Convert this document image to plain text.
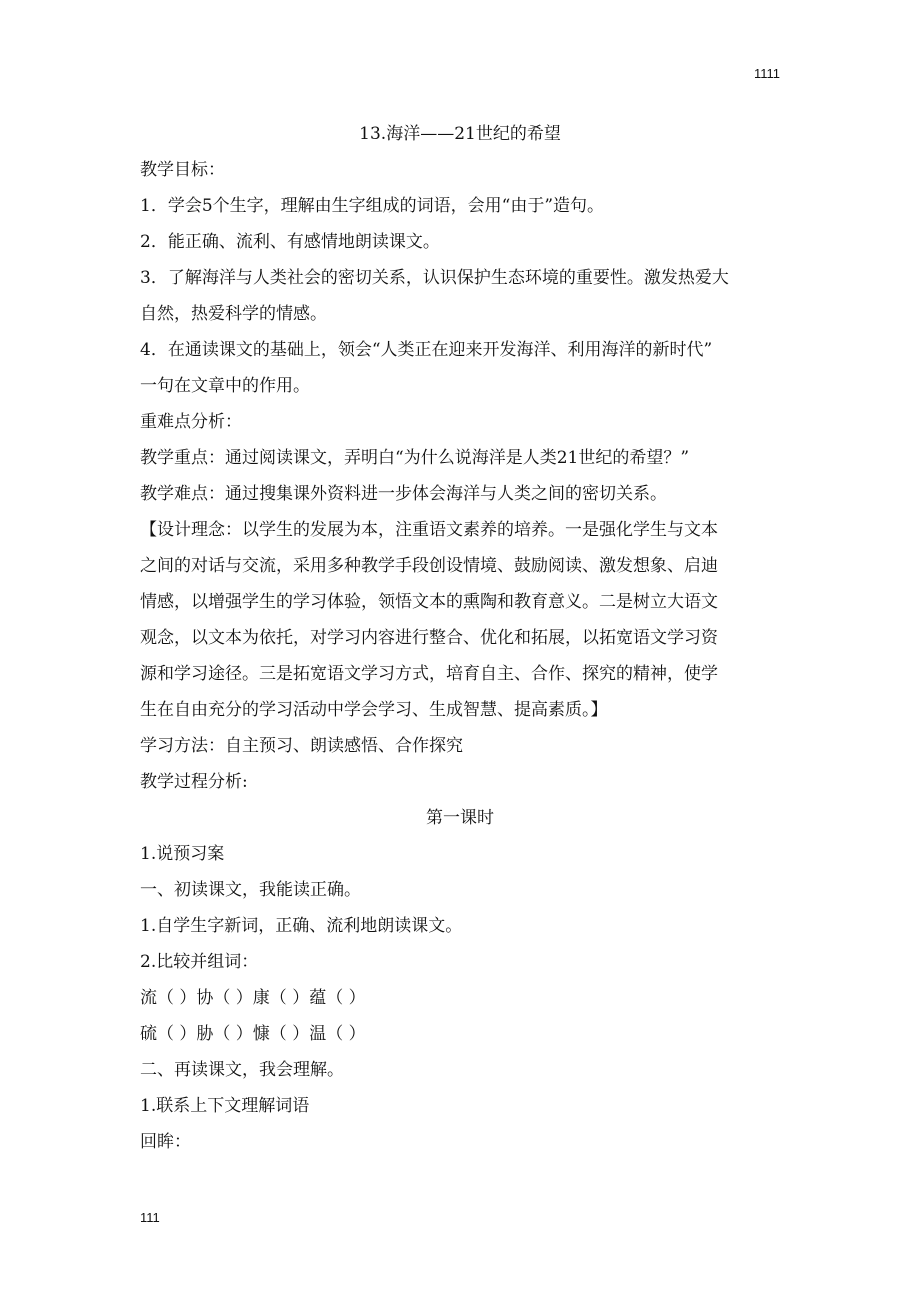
1111
13.海洋——21世纪的希望
教学目标：
1．学会5个生字，理解由生字组成的词语，会用“由于”造句。
2．能正确、流利、有感情地朗读课文。
3．了解海洋与人类社会的密切关系，认识保护生态环境的重要性。激发热爱大
自然，热爱科学的情感。
4．在通读课文的基础上，领会“人类正在迎来开发海洋、利用海洋的新时代”
一句在文章中的作用。
重难点分析：
教学重点：通过阅读课文，弄明白“为什么说海洋是人类21世纪的希望？”
教学难点：通过搜集课外资料进一步体会海洋与人类之间的密切关系。
【设计理念：以学生的发展为本，注重语文素养的培养。一是强化学生与文本
之间的对话与交流，采用多种教学手段创设情境、鼓励阅读、激发想象、启迪
情感，以增强学生的学习体验，领悟文本的熏陶和教育意义。二是树立大语文
观念，以文本为依托，对学习内容进行整合、优化和拓展，以拓宽语文学习资
源和学习途径。三是拓宽语文学习方式，培育自主、合作、探究的精神，使学
生在自由充分的学习活动中学会学习、生成智慧、提高素质。】
学习方法：自主预习、朗读感悟、合作探究
教学过程分析:
第一课时
1.说预习案
一、初读课文，我能读正确。
1.自学生字新词，正确、流利地朗读课文。
2.比较并组词：
流（ ）协（ ）康（ ）蕴（ ）
硫（ ）胁（ ）慷（ ）温（ ）
二、再读课文，我会理解。
1.联系上下文理解词语
回眸：
111
